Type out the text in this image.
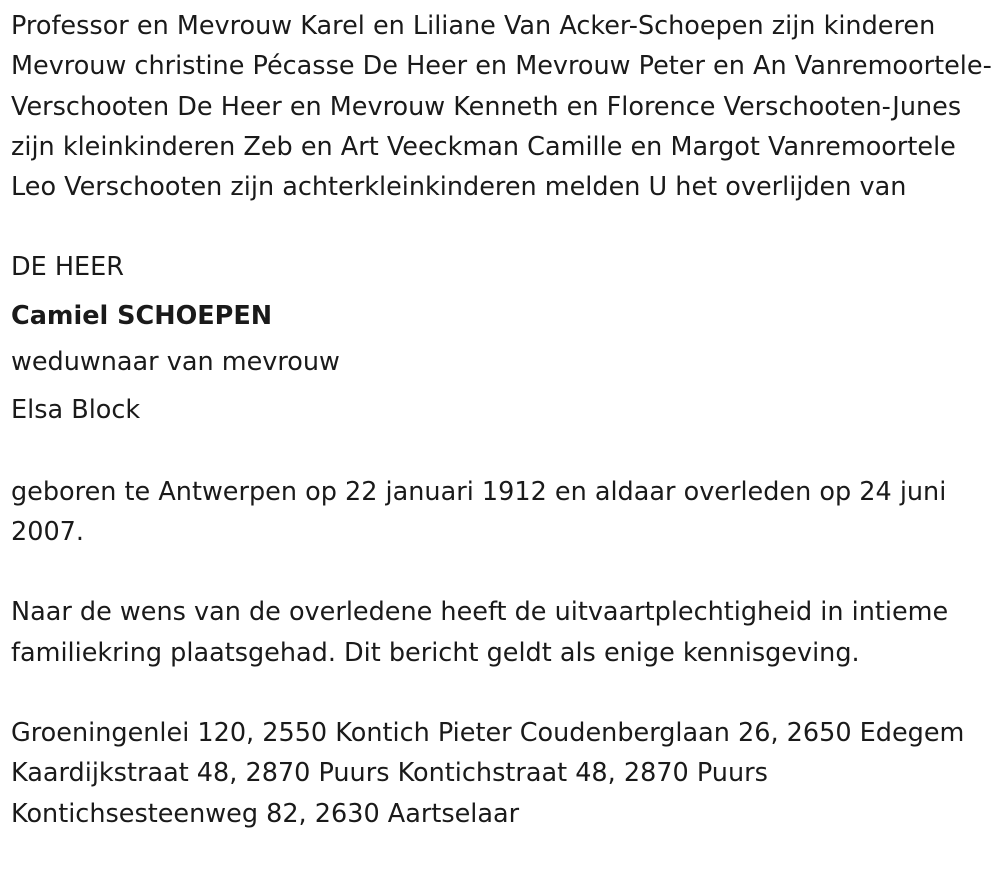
Professor en Mevrouw Karel en Liliane Van Acker-Schoepen zijn kinderen Mevrouw christine Pécasse De Heer en Mevrouw Peter en An Vanremoortele-Verschooten De Heer en Mevrouw Kenneth en Florence Verschooten-Junes zijn kleinkinderen Zeb en Art Veeckman Camille en Margot Vanremoortele Leo Verschooten zijn achterkleinkinderen melden U het overlijden van

DE HEER

Camiel SCHOEPEN

weduwnaar van mevrouw

Elsa Block

geboren te Antwerpen op 22 januari 1912 en aldaar overleden op 24 juni 2007.

Naar de wens van de overledene heeft de uitvaartplechtigheid in intieme familiekring plaatsgehad. Dit bericht geldt als enige kennisgeving.

Groeningenlei 120, 2550 Kontich Pieter Coudenberglaan 26, 2650 Edegem Kaardijkstraat 48, 2870 Puurs Kontichstraat 48, 2870 Puurs Kontichsesteenweg 82, 2630 Aartselaar
